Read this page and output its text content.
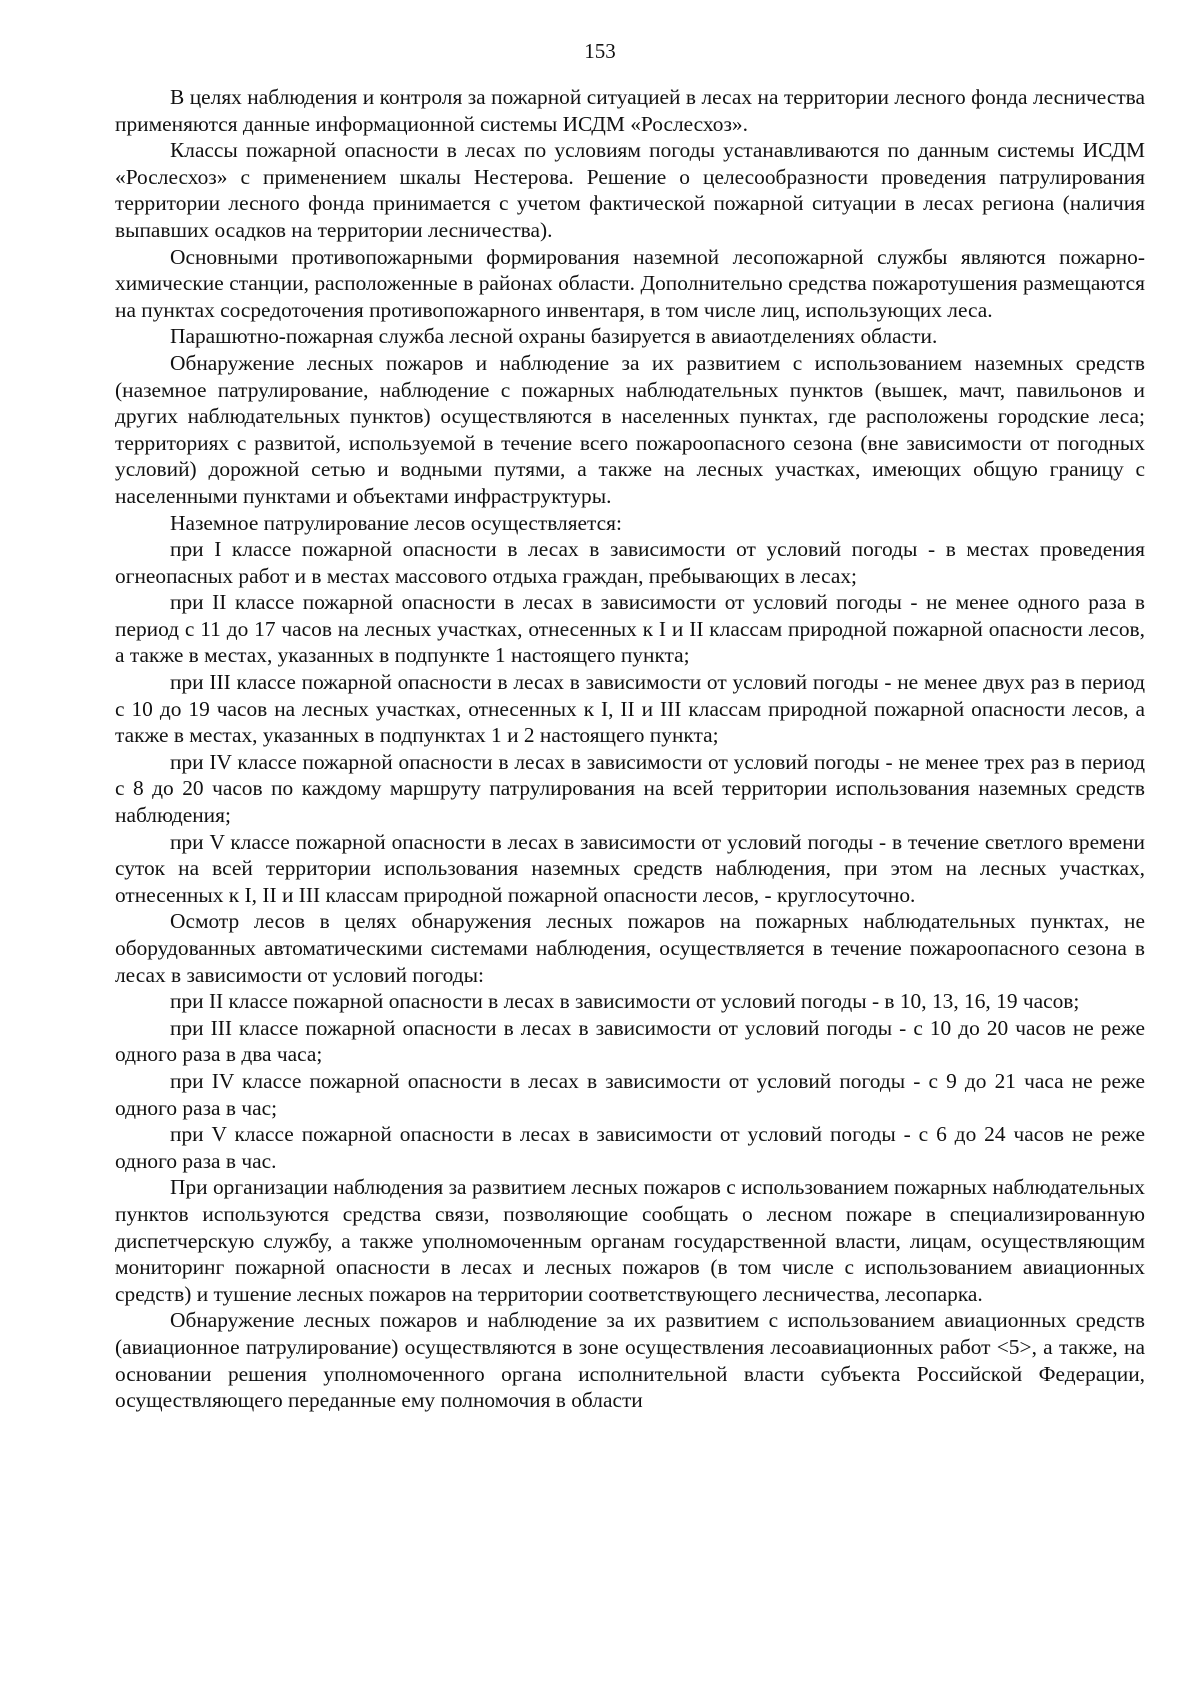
153

В целях наблюдения и контроля за пожарной ситуацией в лесах на территории лесного фонда лесничества применяются данные информационной системы ИСДМ «Рослесхоз».

Классы пожарной опасности в лесах по условиям погоды устанавливаются по данным системы ИСДМ «Рослесхоз» с применением шкалы Нестерова. Решение о целесообразности проведения патрулирования территории лесного фонда принимается с учетом фактической пожарной ситуации в лесах региона (наличия выпавших осадков на территории лесничества).

Основными противопожарными формирования наземной лесопожарной службы являются пожарно-химические станции, расположенные в районах области. Дополнительно средства пожаротушения размещаются на пунктах сосредоточения противопожарного инвентаря, в том числе лиц, использующих леса.

Парашютно-пожарная служба лесной охраны базируется в авиаотделениях области.

Обнаружение лесных пожаров и наблюдение за их развитием с использованием наземных средств (наземное патрулирование, наблюдение с пожарных наблюдательных пунктов (вышек, мачт, павильонов и других наблюдательных пунктов) осуществляются в населенных пунктах, где расположены городские леса; территориях с развитой, используемой в течение всего пожароопасного сезона (вне зависимости от погодных условий) дорожной сетью и водными путями, а также на лесных участках, имеющих общую границу с населенными пунктами и объектами инфраструктуры.

Наземное патрулирование лесов осуществляется:

при I классе пожарной опасности в лесах в зависимости от условий погоды - в местах проведения огнеопасных работ и в местах массового отдыха граждан, пребывающих в лесах;

при II классе пожарной опасности в лесах в зависимости от условий погоды - не менее одного раза в период с 11 до 17 часов на лесных участках, отнесенных к I и II классам природной пожарной опасности лесов, а также в местах, указанных в подпункте 1 настоящего пункта;

при III классе пожарной опасности в лесах в зависимости от условий погоды - не менее двух раз в период с 10 до 19 часов на лесных участках, отнесенных к I, II и III классам природной пожарной опасности лесов, а также в местах, указанных в подпунктах 1 и 2 настоящего пункта;

при IV классе пожарной опасности в лесах в зависимости от условий погоды - не менее трех раз в период с 8 до 20 часов по каждому маршруту патрулирования на всей территории использования наземных средств наблюдения;

при V классе пожарной опасности в лесах в зависимости от условий погоды - в течение светлого времени суток на всей территории использования наземных средств наблюдения, при этом на лесных участках, отнесенных к I, II и III классам природной пожарной опасности лесов, - круглосуточно.

Осмотр лесов в целях обнаружения лесных пожаров на пожарных наблюдательных пунктах, не оборудованных автоматическими системами наблюдения, осуществляется в течение пожароопасного сезона в лесах в зависимости от условий погоды:

при II классе пожарной опасности в лесах в зависимости от условий погоды - в 10, 13, 16, 19 часов;

при III классе пожарной опасности в лесах в зависимости от условий погоды - с 10 до 20 часов не реже одного раза в два часа;

при IV классе пожарной опасности в лесах в зависимости от условий погоды - с 9 до 21 часа не реже одного раза в час;

при V классе пожарной опасности в лесах в зависимости от условий погоды - с 6 до 24 часов не реже одного раза в час.

При организации наблюдения за развитием лесных пожаров с использованием пожарных наблюдательных пунктов используются средства связи, позволяющие сообщать о лесном пожаре в специализированную диспетчерскую службу, а также уполномоченным органам государственной власти, лицам, осуществляющим мониторинг пожарной опасности в лесах и лесных пожаров (в том числе с использованием авиационных средств) и тушение лесных пожаров на территории соответствующего лесничества, лесопарка.

Обнаружение лесных пожаров и наблюдение за их развитием с использованием авиационных средств (авиационное патрулирование) осуществляются в зоне осуществления лесоавиационных работ <5>, а также, на основании решения уполномоченного органа исполнительной власти субъекта Российской Федерации, осуществляющего переданные ему полномочия в области
